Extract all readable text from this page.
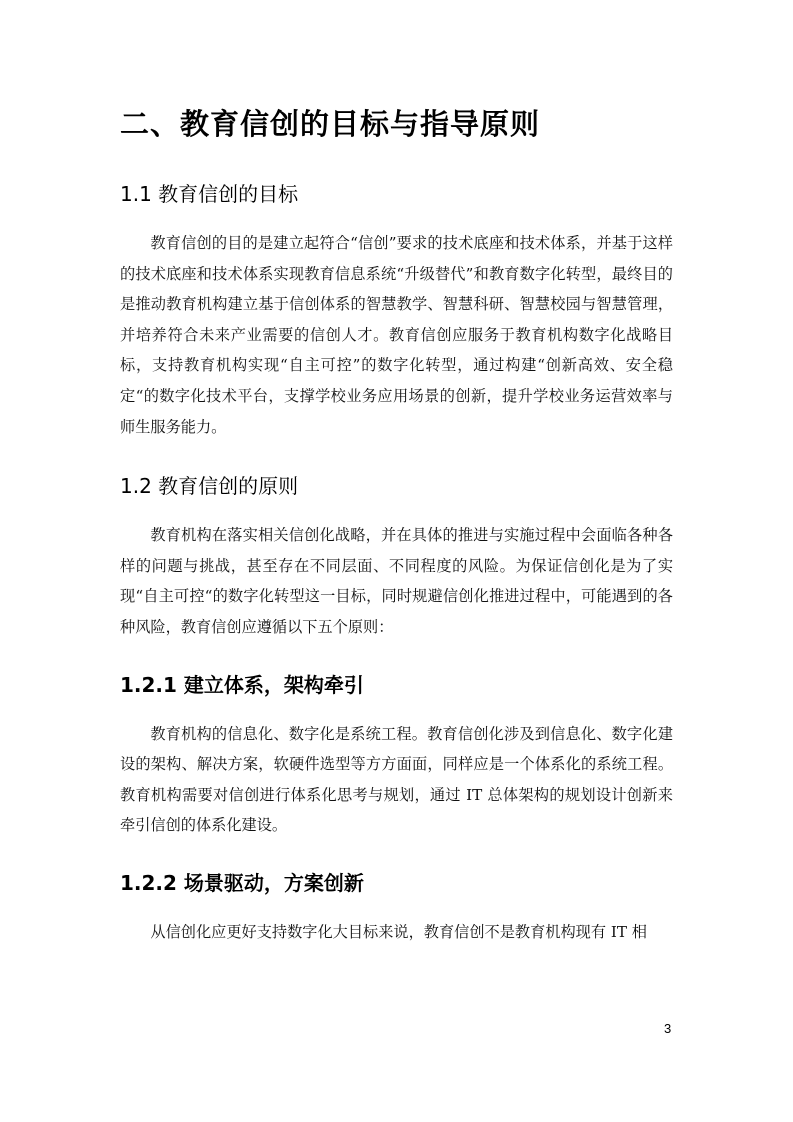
二、教育信创的目标与指导原则
1.1 教育信创的目标

教育信创的目的是建立起符合“信创”要求的技术底座和技术体系，并基于这样的技术底座和技术体系实现教育信息系统“升级替代”和教育数字化转型，最终目的是推动教育机构建立基于信创体系的智慧教学、智慧科研、智慧校园与智慧管理，并培养符合未来产业需要的信创人才。教育信创应服务于教育机构数字化战略目标，支持教育机构实现“自主可控”的数字化转型，通过构建“创新高效、安全稳定“的数字化技术平台，支撑学校业务应用场景的创新，提升学校业务运营效率与师生服务能力。

1.2 教育信创的原则

教育机构在落实相关信创化战略，并在具体的推进与实施过程中会面临各种各样的问题与挑战，甚至存在不同层面、不同程度的风险。为保证信创化是为了实现“自主可控“的数字化转型这一目标，同时规避信创化推进过程中，可能遇到的各种风险，教育信创应遵循以下五个原则：

1.2.1 建立体系，架构牵引

教育机构的信息化、数字化是系统工程。教育信创化涉及到信息化、数字化建设的架构、解决方案，软硬件选型等方方面面，同样应是一个体系化的系统工程。教育机构需要对信创进行体系化思考与规划，通过 IT 总体架构的规划设计创新来牵引信创的体系化建设。

1.2.2 场景驱动，方案创新

从信创化应更好支持数字化大目标来说，教育信创不是教育机构现有 IT 相

3
